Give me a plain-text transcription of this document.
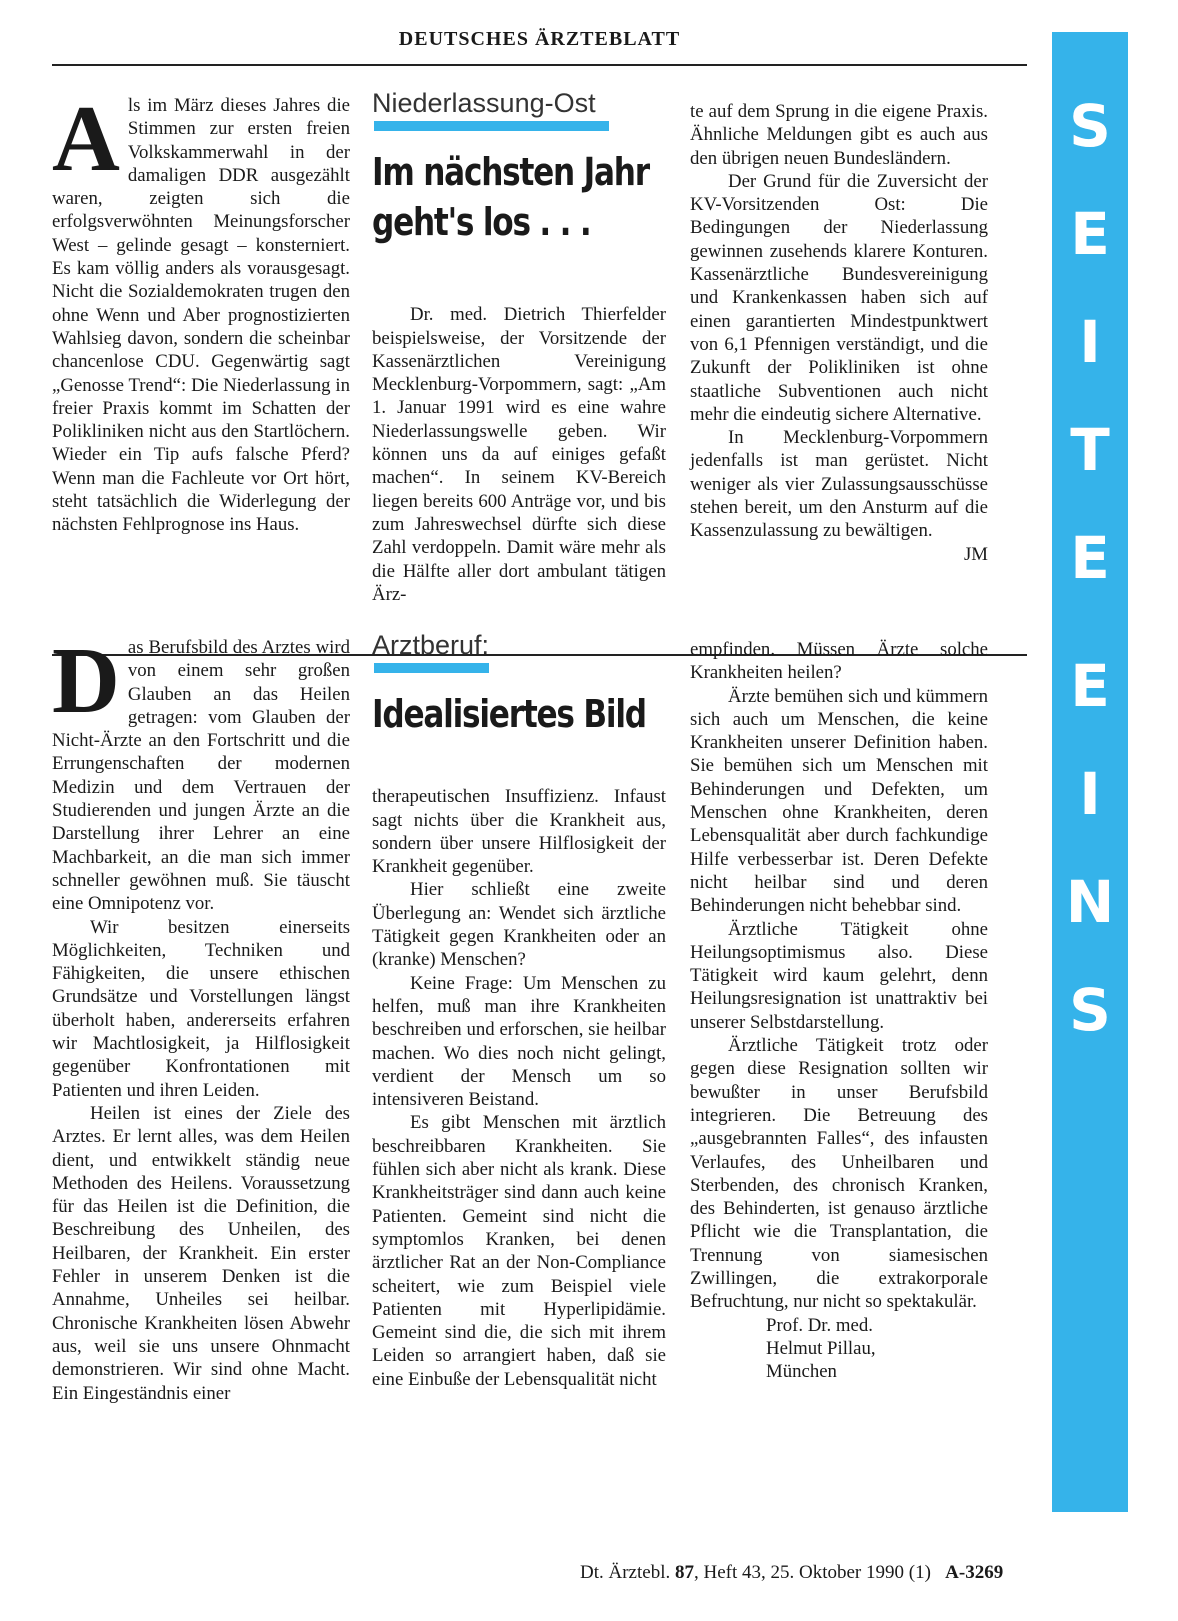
DEUTSCHES ÄRZTEBLATT
S
E
I
T
E

E
I
N
S

Als im März dieses Jahres die Stimmen zur ersten freien Volkskammerwahl in der damaligen DDR ausgezählt waren, zeigten sich die erfolgsverwöhnten Meinungsforscher West – gelinde gesagt – konsterniert. Es kam völlig anders als vorausgesagt. Nicht die Sozialdemokraten trugen den ohne Wenn und Aber prognostizierten Wahlsieg davon, sondern die scheinbar chancenlose CDU. Gegenwärtig sagt „Genosse Trend“: Die Niederlassung in freier Praxis kommt im Schatten der Polikliniken nicht aus den Startlöchern. Wieder ein Tip aufs falsche Pferd? Wenn man die Fachleute vor Ort hört, steht tatsächlich die Widerlegung der nächsten Fehlprognose ins Haus.

Niederlassung-Ost
Im nächsten Jahr
geht's los . . .

Dr. med. Dietrich Thierfelder beispielsweise, der Vorsitzende der Kassenärztlichen Vereinigung Mecklenburg-Vorpommern, sagt: „Am 1. Januar 1991 wird es eine wahre Niederlassungswelle geben. Wir können uns da auf einiges gefaßt machen“. In seinem KV-Bereich liegen bereits 600 Anträge vor, und bis zum Jahreswechsel dürfte sich diese Zahl verdoppeln. Damit wäre mehr als die Hälfte aller dort ambulant tätigen Ärz-

te auf dem Sprung in die eigene Praxis. Ähnliche Meldungen gibt es auch aus den übrigen neuen Bundesländern.

Der Grund für die Zuversicht der KV-Vorsitzenden Ost: Die Bedingungen der Niederlassung gewinnen zusehends klarere Konturen. Kassenärztliche Bundesvereinigung und Krankenkassen haben sich auf einen garantierten Mindestpunktwert von 6,1 Pfennigen verständigt, und die Zukunft der Polikliniken ist ohne staatliche Subventionen auch nicht mehr die eindeutig sichere Alternative.

In Mecklenburg-Vorpommern jedenfalls ist man gerüstet. Nicht weniger als vier Zulassungsausschüsse stehen bereit, um den Ansturm auf die Kassenzulassung zu bewältigen.
JM

Das Berufsbild des Arztes wird von einem sehr großen Glauben an das Heilen getragen: vom Glauben der Nicht-Ärzte an den Fortschritt und die Errungenschaften der modernen Medizin und dem Vertrauen der Studierenden und jungen Ärzte an die Darstellung ihrer Lehrer an eine Machbarkeit, an die man sich immer schneller gewöhnen muß. Sie täuscht eine Omnipotenz vor.

Wir besitzen einerseits Möglichkeiten, Techniken und Fähigkeiten, die unsere ethischen Grundsätze und Vorstellungen längst überholt haben, andererseits erfahren wir Machtlosigkeit, ja Hilflosigkeit gegenüber Konfrontationen mit Patienten und ihren Leiden.

Heilen ist eines der Ziele des Arztes. Er lernt alles, was dem Heilen dient, und entwikkelt ständig neue Methoden des Heilens. Voraussetzung für das Heilen ist die Definition, die Beschreibung des Unheilen, des Heilbaren, der Krankheit. Ein erster Fehler in unserem Denken ist die Annahme, Unheiles sei heilbar. Chronische Krankheiten lösen Abwehr aus, weil sie uns unsere Ohnmacht demonstrieren. Wir sind ohne Macht. Ein Eingeständnis einer

Arztberuf:
Idealisiertes Bild

therapeutischen Insuffizienz. Infaust sagt nichts über die Krankheit aus, sondern über unsere Hilflosigkeit der Krankheit gegenüber.

Hier schließt eine zweite Überlegung an: Wendet sich ärztliche Tätigkeit gegen Krankheiten oder an (kranke) Menschen?

Keine Frage: Um Menschen zu helfen, muß man ihre Krankheiten beschreiben und erforschen, sie heilbar machen. Wo dies noch nicht gelingt, verdient der Mensch um so intensiveren Beistand.

Es gibt Menschen mit ärztlich beschreibbaren Krankheiten. Sie fühlen sich aber nicht als krank. Diese Krankheitsträger sind dann auch keine Patienten. Gemeint sind nicht die symptomlos Kranken, bei denen ärztlicher Rat an der Non-Compliance scheitert, wie zum Beispiel viele Patienten mit Hyperlipidämie. Gemeint sind die, die sich mit ihrem Leiden so arrangiert haben, daß sie eine Einbuße der Lebensqualität nicht

empfinden. Müssen Ärzte solche Krankheiten heilen?

Ärzte bemühen sich und kümmern sich auch um Menschen, die keine Krankheiten unserer Definition haben. Sie bemühen sich um Menschen mit Behinderungen und Defekten, um Menschen ohne Krankheiten, deren Lebensqualität aber durch fachkundige Hilfe verbesserbar ist. Deren Defekte nicht heilbar sind und deren Behinderungen nicht behebbar sind.

Ärztliche Tätigkeit ohne Heilungsoptimismus also. Diese Tätigkeit wird kaum gelehrt, denn Heilungsresignation ist unattraktiv bei unserer Selbstdarstellung.

Ärztliche Tätigkeit trotz oder gegen diese Resignation sollten wir bewußter in unser Berufsbild integrieren. Die Betreuung des „ausgebrannten Falles“, des infausten Verlaufes, des Unheilbaren und Sterbenden, des chronisch Kranken, des Behinderten, ist genauso ärztliche Pflicht wie die Transplantation, die Trennung von siamesischen Zwillingen, die extrakorporale Befruchtung, nur nicht so spektakulär.

Prof. Dr. med.

Helmut Pillau,

München

Dt. Ärztebl. 87, Heft 43, 25. Oktober 1990 (1) A-3269
